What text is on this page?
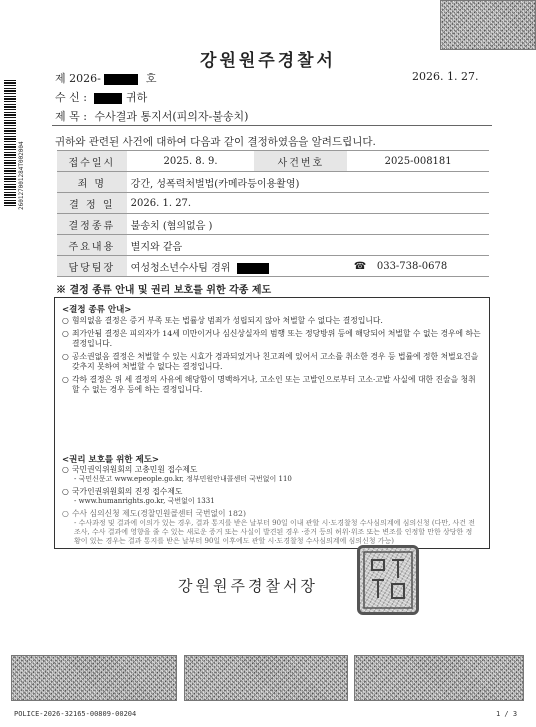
260127001284T002004
강원원주경찰서
제 2026-	호	2026. 1. 27.
수 신 :	귀하
제 목 : 수사결과 통지서(피의자-불송치)
귀하와 관련된 사건에 대하여 다음과 같이 결정하였음을 알려드립니다.
접수일시	2025. 8. 9.	사건번호	2025-008181	
죄 명	강간, 성폭력처벌법(카메라등이용촬영)			
결 정 일	2026. 1. 27.			
결정종류	불송치 (혐의없음 )			
주요내용	별지와 같음			
담당팀장	여성청소년수사팀 경위		☎	033-738-0678
※ 결정 종류 안내 및 권리 보호를 위한 각종 제도
<결정 종류 안내>
○ 혐의없음 결정은 증거 부족 또는 법률상 범죄가 성립되지 않아 처벌할 수 없다는 결정입니다.
○ 죄가안됨 결정은 피의자가 14세 미만이거나 심신상실자의 범행 또는 정당방위 등에 해당되어 처벌할 수 없는 경우에 하는 결정입니다.
○ 공소권없음 결정은 처벌할 수 있는 시효가 경과되었거나 친고죄에 있어서 고소를 취소한 경우 등 법률에 정한 처벌요건을 갖추지 못하여 처벌할 수 없다는 결정입니다.
○ 각하 결정은 위 세 결정의 사유에 해당함이 명백하거나, 고소인 또는 고발인으로부터 고소·고발 사실에 대한 진술을 청취할 수 없는 경우 등에 하는 결정입니다.
<권리 보호를 위한 제도>
○ 국민권익위원회의 고충민원 접수제도
- 국민신문고 www.epeople.go.kr, 정부민원안내콜센터 국번없이 110
○ 국가인권위원회의 진정 접수제도
- www.humanrights.go.kr, 국번없이 1331
○ 수사 심의신청 제도(경찰민원콜센터 국번없이 182)
- 수사과정 및 결과에 이의가 있는 경우, 결과 통지를 받은 날부터 90일 이내 관할 시·도경찰청 수사심의계에 심의신청 (다만, 사건 전 조사, 수사 결과에 영향을 줄 수 있는 새로운 증거 또는 사실이 발견된 경우 ·증거 등의 허위·위조 또는 변조를 인정할 만한 상당한 정황이 있는 경우는 결과 통지를 받은 날부터 90일 이후에도 관할 시·도경찰청 수사심의계에 심의신청 가능)
강원원주경찰서장
POLICE-2026-32165-00809-00204	1 / 3
